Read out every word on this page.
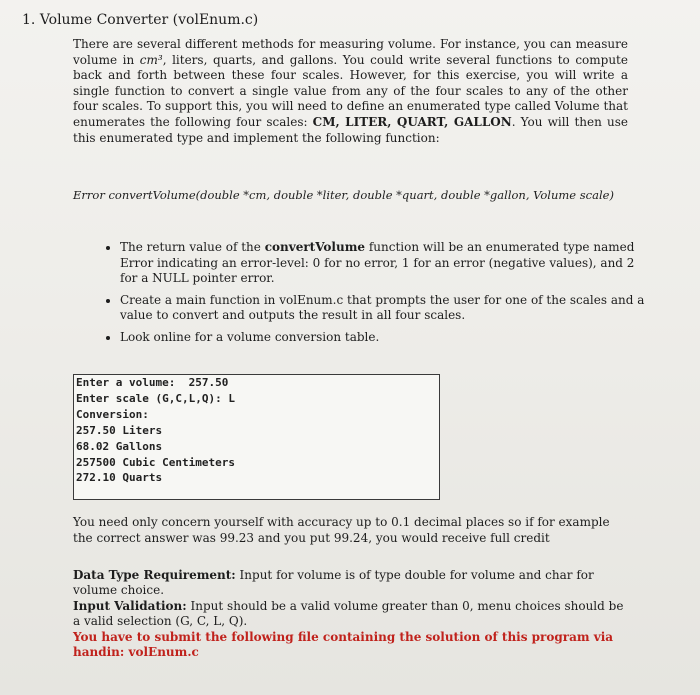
1. Volume Converter (volEnum.c)
There are several different methods for measuring volume. For instance, you can measure volume in cm³, liters, quarts, and gallons. You could write several functions to compute back and forth between these four scales. However, for this exercise, you will write a single function to convert a single value from any of the four scales to any of the other four scales. To support this, you will need to define an enumerated type called Volume that enumerates the following four scales: CM, LITER, QUART, GALLON. You will then use this enumerated type and implement the following function:
Error convertVolume(double *cm, double *liter, double *quart, double *gallon, Volume scale)
• The return value of the convertVolume function will be an enumerated type named Error indicating an error-level: 0 for no error, 1 for an error (negative values), and 2 for a NULL pointer error.
• Create a main function in volEnum.c that prompts the user for one of the scales and a value to convert and outputs the result in all four scales.
• Look online for a volume conversion table.
Enter a volume:  257.50
Enter scale (G,C,L,Q): L
Conversion:
257.50 Liters
68.02 Gallons
257500 Cubic Centimeters
272.10 Quarts
You need only concern yourself with accuracy up to 0.1 decimal places so if for example the correct answer was 99.23 and you put 99.24, you would receive full credit
Data Type Requirement: Input for volume is of type double for volume and char for volume choice.
Input Validation: Input should be a valid volume greater than 0, menu choices should be a valid selection (G, C, L, Q).
You have to submit the following file containing the solution of this program via handin: volEnum.c
